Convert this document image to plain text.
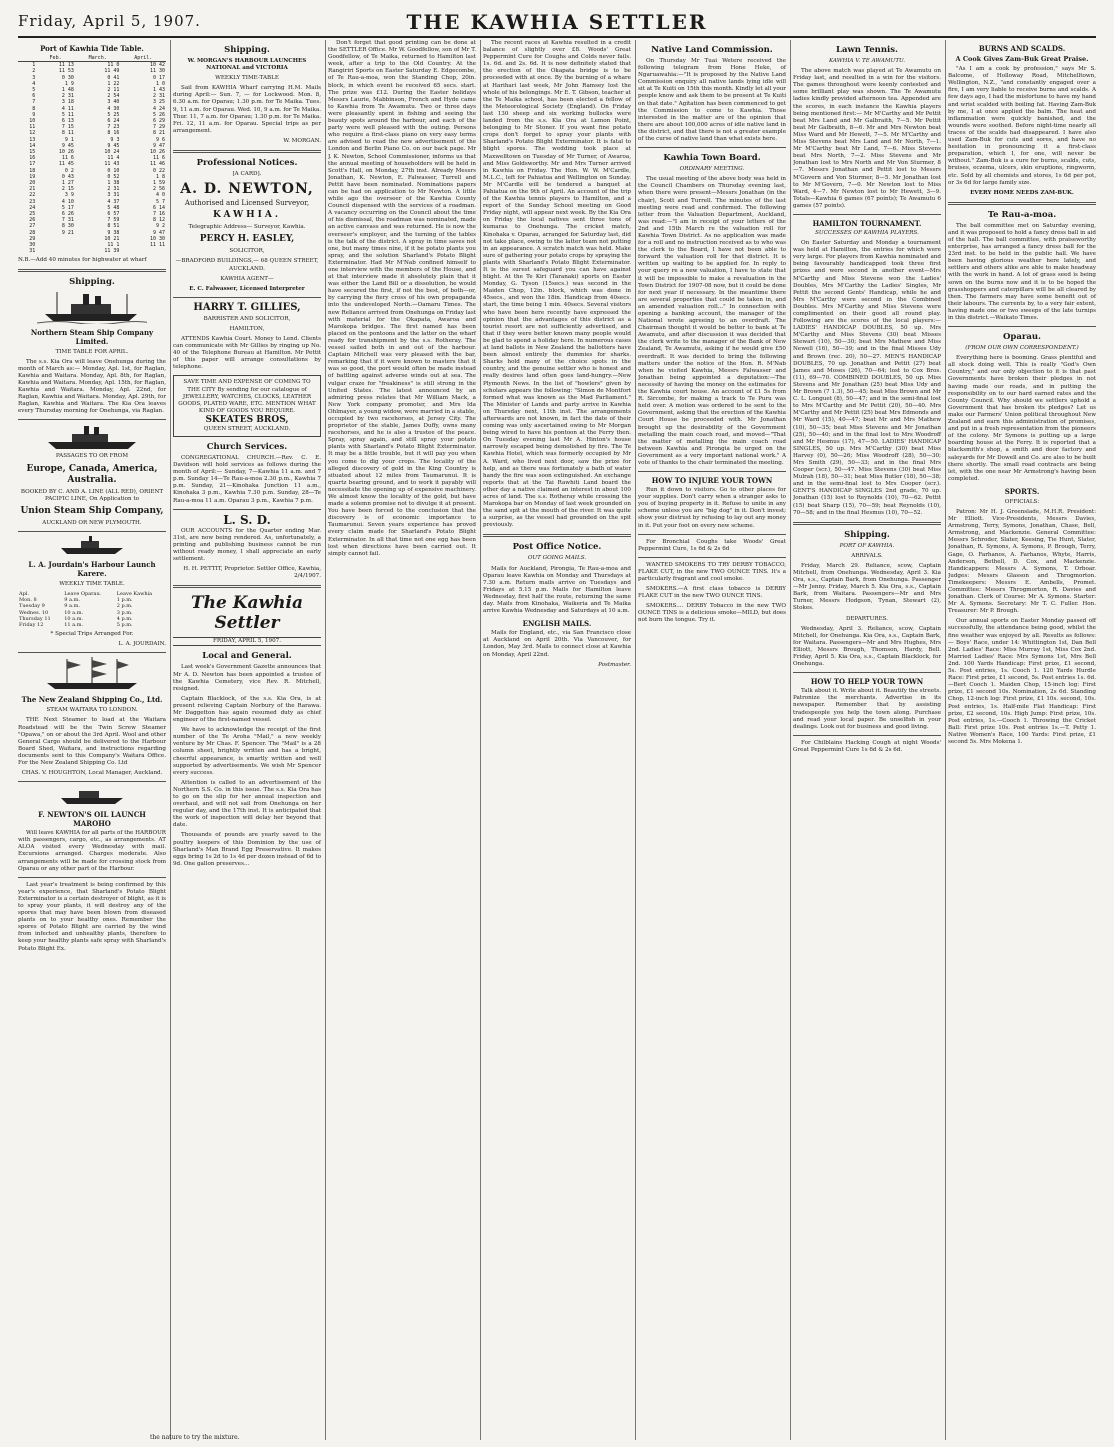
Friday, April 5, 1907.	THE KAWHIA SETTLER
Port of Kawhia Tide Table.
	Feb.	March.	April.
1	11 13	11 0	10 42
2	11 53	11 49	11 30
3	0 30	0 41	0 17
4	1 9	1 22	1 0
5	1 48	2 11	1 43
6	2 31	2 54	2 31
7	3 18	3 40	3 25
8	4 11	4 30	4 24
9	5 11	5 25	5 26
10	6 13	6 24	6 29
11	7 15	7 23	7 29
12	8 11	8 16	8 21
13	9 1	9 3	9 6
14	9 45	9 45	9 47
15	10 26	10 24	10 26
16	11 6	11 4	11 6
17	11 45	11 43	11 46
18	0 2	0 10	0 22
19	0 43	0 52	1 8
20	1 27	1 38	1 59
21	2 15	2 31	2 56
22	3 9	3 31	4 0
23	4 10	4 37	5 7
24	5 17	5 48	6 14
25	6 26	6 57	7 16
26	7 31	7 59	8 12
27	8 30	8 51	9 2
28	9 21	9 38	9 47
29		10 21	10 30
30		11 1	11 11
31		11 39	
N.B.—Add 40 minutes for highwater at wharf
Shipping.
Northern Steam Ship Company Limited.
TIME TABLE FOR APRIL.

The s.s. Kia Ora will leave Onehunga during the month of March as:— Monday, Apl. 1st, for Raglan, Kawhia and Waitara. Monday, Apl. 8th, for Raglan, Kawhia and Waitara. Monday, Apl. 15th, for Raglan, Kawhia and Waitara. Monday, Apl. 22nd, for Raglan, Kawhia and Waitara. Monday, Apl. 29th, for Raglan, Kawhia and Waitara. The Kia Ora leaves every Thursday morning for Onehunga, via Raglan.

PASSAGES TO OR FROM
Europe, Canada, America, Australia.
BOOKED BY C. AND A. LINE (ALL RED), ORIENT PACIFIC LINE, On Application to
Union Steam Ship Company,
AUCKLAND OR NEW PLYMOUTH.
L. A. Jourdain's Harbour Launch Karere.
WEEKLY TIME TABLE.
Apl.	Leave Oparau.	Leave Kawhia
Mon. 8	9 a.m.	1 p.m.
Tuesday 9	9 a.m.	2 p.m.
Wednes. 10	10 a.m.	3 p.m.
Thursday 11	10 a.m.	4 p.m.
Friday 12	11 a.m.	5 p.m.
* Special Trips Arranged For.
L. A. JOURDAIN.
The New Zealand Shipping Co., Ltd.
STEAM WAITARA TO LONDON.

THE Next Steamer to load at the Waitara Roadstead will be the Twin Screw Steamer "Opawa," on or about the 3rd April. Wool and other General Cargo should be delivered to the Harbour Board Shed, Waitara, and instructions regarding documents sent to this Company's Waitara Office. For the New Zealand Shipping Co. Ltd

CHAS. V. HOUGHTON, Local Manager, Auckland.
F. NEWTON'S OIL LAUNCH MAROHO

Will leave KAWHIA for all parts of the HARBOUR with passengers, cargo, etc., as arrangements. AT ALOA visited every Wednesday with mail. Excursions arranged. Charges moderate. Also arrangements will be made for crossing stock from Oparau or any other part of the Harbour.

Last year's treatment is being confirmed by this year's experience, that Sharland's Potato Blight Exterminator is a certain destroyer of blight, as it is to spray your plants, it will destroy any of the spores that may have been blown from diseased plants on to your healthy ones. Remember the spores of Potato Blight are carried by the wind from infected and unhealthy plants, therefore to keep your healthy plants safe spray with Sharland's Potato Blight Ex.

Shipping.
W. MORGAN'S HARBOUR LAUNCHES NATIONAL and VICTORIA
WEEKLY TIME-TABLE

Sail from KAWHIA Wharf carrying H.M. Mails during April:— Sun. 7, — for Lockwood. Mon. 8, 6.30 a.m. for Oparau; 1.30 p.m. for Te Maika. Tues. 9, 11 a.m. for Oparau. Wed. 10, 9 a.m. for Te Maika. Thur. 11, 7 a.m. for Oparau; 1.30 p.m. for Te Maika. Fri. 12, 11 a.m. for Oparau. Special trips as per arrangement.

W. MORGAN.
Professional Notices.
[A CARD].
A. D. NEWTON,
Authorised and Licensed Surveyor,
KAWHIA.
Telegraphic Address— Surveyor, Kawhia.
PERCY H. EASLEY,
SOLICITOR,
—BRADFORD BUILDINGS,— 68 QUEEN STREET, AUCKLAND.
KAWHIA AGENT—
E. C. Falwasser, Licensed Interpreter
HARRY T. GILLIES,
BARRISTER AND SOLICITOR,
HAMILTON,

ATTENDS Kawhia Court. Money to Lend. Clients can communicate with Mr Gillies by ringing up No. 40 of the Telephone Bureau at Hamilton. Mr Pettit of this paper will arrange consultations by telephone.

SAVE TIME AND EXPENSE OF COMING TO THE CITY By sending for our catalogue of JEWELLERY, WATCHES, CLOCKS, LEATHER GOODS, PLATED WARE, ETC. MENTION WHAT KIND OF GOODS YOU REQUIRE.
SKEATES BROS,
QUEEN STREET, AUCKLAND.
Church Services.

CONGREGATIONAL CHURCH.—Rev. C. E. Davidson will hold services as follows during the month of April:— Sunday, 7—Kawhia 11 a.m. and 7 p.m. Sunday 14—Te Rau-a-moa 2.30 p.m., Kawhia 7 p.m. Sunday, 21—Kinohaka Junction 11 a.m., Kinohaka 3 p.m., Kawhia 7.30 p.m. Sunday, 28—Te Rau-a-moa 11 a.m. Oparau 3 p.m., Kawhia 7 p.m.

L. S. D.

OUR ACCOUNTS for the Quarter ending Mar. 31st, are now being rendered. As, unfortunately, a printing and publishing business cannot be run without ready money, I shall appreciate an early settlement.

H. H. PETTIT, Proprietor. Settler Office, Kawhia, 2/4/1907.
The Kawhia Settler
FRIDAY, APRIL 5, 1907.
Local and General.

Last week's Government Gazette announces that Mr A. D. Newton has been appointed a trustee of the Kawhia Cemetery, vice Rev. R. Mitchell, resigned.

Captain Blacklock, of the s.s. Kia Ora, is at present relieving Captain Norbury of the Rarawa. Mr Daggetton has again resumed duty as chief engineer of the first-named vessel.

We have to acknowledge the receipt of the first number of the Te Aroha "Mail," a new weekly venture by Mr Chas. F. Spencer. The "Mail" is a 28 column sheet, brightly written and has a bright, cheerful appearance, is smartly written and well supported by advertisements. We wish Mr Spencer every success.

Attention is called to an advertisement of the Northern S.S. Co. in this issue. The s.s. Kia Ora has to go on the slip for her annual inspection and overhaul, and will not sail from Onehunga on her regular day, and the 17th inst. It is anticipated that the work of inspection will delay her beyond that date.

Thousands of pounds are yearly saved to the poultry keepers of this Dominion by the use of Sharland's Man Brand Egg Preservative. It makes eggs bring 1s 2d to 1s 4d per dozen instead of 6d to 9d. One gallon preserves...

Don't forget that good printing can be done at the SETTLER Office. Mr W. Goodfellow, son of Mr T. Goodfellow, of Te Maika, returned to Hamilton last week, after a trip to the Old Country. At the Rangiriri Sports on Easter Saturday E. Edgecombe, of Te Rau-a-moa, won the Standing Chop, 20in. block, in which event he received 65 secs. start. The prize was £12. During the Easter holidays Messrs Laurie, Mabbinson, French and Hyde came to Kawhia from Te Awamutu. Two or three days were pleasantly spent in fishing and seeing the beauty spots around the harbour, and each of the party were well pleased with the outing. Persons who require a first-class piano on very easy terms are advised to read the new advertisement of the London and Berlin Piano Co. on our back page. Mr J. K. Newton, School Commissioner, informs us that the annual meeting of householders will be held in Scott's Hall, on Monday, 27th inst. Already Messrs Jonathan, K. Newton, E. Falwasser, Turrell and Pettit have been nominated. Nominations papers can be had on application to Mr Newton. A little while ago the overseer of the Kawhia County Council dispensed with the services of a roadman. A vacancy occurring on the Council about the time of his dismissal, the roadman was nominated, made an active canvass and was returned. He is now the overseer's employer, and the turning of the tables is the talk of the district. A spray in time saves not one, but many times nine, if it be potato plants you spray, and the solution Sharland's Potato Blight Exterminator. Had Mr M'Nab confined himself to one interview with the members of the House, and at that interview made it absolutely plain that it was either the Land Bill or a dissolution, he would have secured the first, if not the best, of both—or, by carrying the fiery cross of his own propaganda into the undeveloped North.—Oamaru Times. The new Reliance arrived from Onehunga on Friday last with material for the Okapata, Awaroa and Marokopa bridges. The first named has been placed on the pontoons and the latter on the wharf ready for transhipment by the s.s. Rotheray. The vessel sailed both in and out of the harbour. Captain Mitchell was very pleased with the bar, remarking that if it were known to masters that it was so good, the port would often be made instead of battling against adverse winds out at sea. The vulgar craze for "freakiness" is still strong in the United States. The latest announced by an admiring press relates that Mr William Mack, a New York company promoter, and Mrs Ida Ohlmayer, a young widow, were married in a stable, occupied by two racehorses, at Jersey City. The proprietor of the stable, James Duffy, owns many racehorses, and he is also a trustee of the peace. Spray, spray again, and still spray your potato plants with Sharland's Potato Blight Exterminator. It may be a little trouble, but it will pay you when you come to dig your crops. The locality of the alleged discovery of gold in the King Country is situated about 12 miles from Taumarunui. It is quartz bearing ground, and to work it payably will necessitate the opening up of expensive machinery. We almost know the locality of the gold, but have made a solemn promise not to divulge it at present. You have been forced to the conclusion that the discovery is of economic importance to Taumarunui. Seven years experience has proved every claim made for Sharland's Potato Blight Exterminator. In all that time not one egg has been lost when directions have been carried out. It simply cannot fail.

The recent races at Kawhia resulted in a credit balance of slightly over £8. Woods' Great Peppermint Cure for Coughs and Colds never fails. 1s. 6d. and 2s. 6d. It is now definitely stated that the erection of the Okapata bridge is to be proceeded with at once. By the burning of a whare at Harihari last week, Mr John Ramsey lost the whole of his belongings. Mr E. T. Gibson, teacher at the Te Maika school, has been elected a fellow of the Meteorological Society (England). On Friday last 130 sheep and six working bullocks were landed from the s.s. Kia Ora at Lemon Point, belonging to Mr Stoner. If you want fine potato crops don't forget to spray your plants with Sharland's Potato Blight Exterminator. It is fatal to blight spores. The wedding took place at Maxwelltown on Tuesday of Mr Turner, of Awaroa, and Miss Goldsworthy. Mr and Mrs Turner arrived in Kawhia on Friday. The Hon. W. W. M'Cardle, M.L.C., left for Pahiatua and Wellington on Sunday. Mr M'Cardle will be tendered a banquet at Pahiatua on the 9th of April. An account of the trip of the Kawhia tennis players to Hamilton, and a report of the Sunday School meeting on Good Friday night, will appear next week. By the Kia Ora on Friday the local natives sent three tons of kumaras to Onehunga. The cricket match, Kinohaka v. Oparau, arranged for Saturday last, did not take place, owing to the latter team not putting in an appearance. A scratch match was held. Make sure of gathering your potato crops by spraying the plants with Sharland's Potato Blight Exterminator. It is the surest safeguard you can have against blight. At the Te Kiri (Taranaki) sports on Easter Monday, G. Tyson (15secs.) was second in the Maiden Chop, 12in. block, which was done in 45secs., and won the 18in. Handicap from 40secs. start, the time being 1 min. 40secs. Several visitors who have been here recently have expressed the opinion that the advantages of this district as a tourist resort are not sufficiently advertised, and that if they were better known many people would be glad to spend a holiday here. In numerous cases at land ballots in New Zealand the ballotters have been almost entirely the dummies for sharks. Sharks hold many of the choice spots in the country, and the genuine settler who is honest and really desires land often goes land-hungry.—New Plymouth News. In the list of "howlers" given by scholars appears the following: "Simon de Montfort formed what was known as the Mad Parliament." The Minister of Lands and party arrive in Kawhia on Thursday next, 11th inst. The arrangements afterwards are not known, in fact the date of their coming was only ascertained owing to Mr Morgan being wired to have his pontoon at the Ferry then. On Tuesday evening last Mr A. Hinton's house narrowly escaped being demolished by fire. The Te Kawhia Hotel, which was formerly occupied by Mr A. Ward, who lived next door, saw the prize for help, and as there was fortunately a bath of water handy the fire was soon extinguished. An exchange reports that at the Tai Rawhiti Land board the other day a native claimed an interest in about 100 acres of land. The s.s. Rotheray while crossing the Marokopa bar on Monday of last week grounded on the sand spit at the mouth of the river. It was quite a surprise, as the vessel had grounded on the spit previously.

Post Office Notice.
OUT GOING MAILS.

Mails for Auckland, Pirongia, Te Rau-a-moa and Oparau leave Kawhia on Monday and Thursdays at 7.30 a.m. Return mails arrive on Tuesdays and Fridays at 5.15 p.m. Mails for Hamilton leave Wednesday, first half the route, returning the same day. Mails from Kinohaka, Waikeria and Te Maika arrive Kawhia Wednesday and Saturdays at 10 a.m.

ENGLISH MAILS.

Mails for England, etc., via San Francisco close at Auckland on April 20th. Via Vancouver, for London, May 3rd. Mails to connect close at Kawhia on Monday, April 22nd.

Postmaster.
Native Land Commission.

On Thursday Mr Tuai Wetere received the following telegram from Hone Heke, of Ngaruawahia:—"It is proposed by the Native Land Commission enquiry all native lands lying idle will sit at Te Kuiti on 15th this month. Kindly let all your people know and ask them to be present at Te Kuiti on that date." Agitation has been commenced to get the Commission to come to Kawhia. Those interested in the matter are of the opinion that there are about 100,000 acres of idle native land in the district, and that there is not a greater example of the curse of native land than what exists here.

Kawhia Town Board.
ORDINARY MEETING.

The usual meeting of the above body was held in the Council Chambers on Thursday evening last, when there were present—Messrs Jonathan (in the chair), Scott and Turrell. The minutes of the last meeting were read and confirmed. The following letter from the Valuation Department, Auckland, was read:—"I am in receipt of your letters of the 2nd and 15th March re the valuation roll for Kawhia Town District. As no application was made for a roll and no instruction received as to who was the clerk to the Board, I have not been able to forward the valuation roll for that district. It is written up waiting to be applied for. In reply to your query re a new valuation, I have to state that it will be impossible to make a revaluation in the Town District for 1907-08 now, but it could be done for next year if necessary. In the meantime there are several properties that could be taken in, and an amended valuation roll..." In connection with opening a banking account, the manager of the National wrote agreeing to an overdraft. The Chairman thought it would be better to bank at Te Awamutu, and after discussion it was decided that the clerk write to the manager of the Bank of New Zealand, Te Awamutu, asking if he would give £50 overdraft. It was decided to bring the following matters under the notice of the Hon. R. M'Nab when he visited Kawhia, Messrs Falwasser and Jonathan being appointed a deputation:—The necessity of having the money on the estimates for the Kawhia court house. An account of £1 5s from R. Sircombe, for making a track to Te Puru was held over. A motion was ordered to be sent to the Government, asking that the erection of the Kawhia Court House be proceeded with. Mr Jonathan brought up the desirability of the Government metalling the main coach road, and moved—"That the matter of metalling the main coach road between Kawhia and Pirongia be urged on the Government as a very important national work." A vote of thanks to the chair terminated the meeting.

HOW TO INJURE YOUR TOWN

Run it down to visitors. Go to other places for your supplies. Don't carry when a stranger asks to you of buying property in it. Refuse to unite in any scheme unless you are "big dog" in it. Don't invest; show your distrust by refusing to lay out any money in it. Put your foot on every new scheme.

For Bronchial Coughs take Woods' Great Peppermint Cure, 1s 6d & 2s 6d

WANTED SMOKERS TO TRY DERBY TOBACCO, FLAKE CUT, in the new TWO OUNCE TINS. It's a particularly fragrant and cool smoke.

SMOKERS.—A first class tobacco is DERBY FLAKE CUT in the new TWO OUNCE TINS.

SMOKERS.... DERBY Tobacco in the new TWO OUNCE TINS is a delicious smoke—MILD, but does not burn the tongue. Try it.

Lawn Tennis.
KAWHIA V. TE AWAMUTU.

The above match was played at Te Awamutu on Friday last, and resulted in a win for the visitors. The games throughout were keenly contested and some brilliant play was shown. The Te Awamutu ladies kindly provided afternoon tea. Appended are the scores, in each instance the Kawhia players being mentioned first:— Mr M'Carthy and Mr Pettit beat Mrs Land and Mr Galbraith, 7—5. Mr Pettit beat Mr Galbraith, 8—6. Mr and Mrs Newton beat Miss Ward and Mr Hewett, 7—5. Mr M'Carthy and Miss Stevens beat Mrs Land and Mr North, 7—1. Mr M'Carthy beat Mr Land, 7—6. Miss Stevens beat Mrs North, 7—2. Miss Stevens and Mr Jonathan lost to Mrs North and Mr Von Sturmer, 8—7. Messrs Jonathan and Pettit lost to Messrs M'Govern and Von Sturmer, 8—5. Mr Jonathan lost to Mr M'Govern, 7—0. Mr Newton lost to Miss Ward, 4—7. Mr Newton lost to Mr Hewett, 3—9. Totals—Kawhia 6 games (67 points); Te Awamutu 6 games (57 points).

HAMILTON TOURNAMENT.
SUCCESSES OF KAWHIA PLAYERS.

On Easter Saturday and Monday a tournament was held at Hamilton, the entries for which were very large. For players from Kawhia nominated and being favourably handicapped took three first prizes and were second in another event—Mrs M'Carthy and Miss Stevens won the Ladies' Doubles, Mrs M'Carthy the Ladies' Singles, Mr Pettit the second Gents' Handicap, while he and Mrs M'Carthy were second in the Combined Doubles. Mrs M'Carthy and Miss Stevens were complimented on their good all round play. Following are the scores of the local players:— LADIES' HANDICAP DOUBLES, 50 up. Mrs M'Carthy and Miss Stevens (30) beat Misses Stewart (10), 50—30; beat Mrs Mathew and Miss Newell (16), 50—39; and in the final Misses Udy and Brown (rec. 20), 50—27. MEN'S HANDICAP DOUBLES, 70 up. Jonathan and Pettit (27) beat James and Moses (26), 70—64; lost to Cox Bros. (11), 69—70. COMBINED DOUBLES, 50 up. Miss Stevens and Mr Jonathan (25) beat Miss Udy and Mr Brown (7 1.3), 50—45; beat Miss Brown and Mr C. L. Longuet (8), 50—47; and in the semi-final lost to Mrs M'Carthy and Mr Pettit (20), 50—40. Mrs M'Carthy and Mr Pettit (25) beat Mrs Edmonds and Mr Ward (15), 40—47; beat Mr and Mrs Mathew (10), 50—35; beat Miss Stevens and Mr Jonathan (25), 50—40; and in the final lost to Mrs Woodroff and Mr Hesmus (17), 47—50. LADIES' HANDICAP SINGLES, 50 up. Mrs M'Carthy (30) beat Miss Harvey (0), 50—26; Miss Woodroff (28), 50—30; Mrs Smith (29), 50—33; and in the final Mrs Cooper (scr.), 50—47. Miss Stevens (30) beat Miss Mulrah (18), 50—31; beat Miss Butler (18), 50—38; and in the semi-final lost to Mrs Cooper (scr.). GENT'S HANDICAP SINGLES 2nd grade, 70 up. Jonathan (15) lost to Reynolds (10), 70—62. Pettit (15) beat Sharp (15), 70—59; beat Reynolds (10), 70—58; and in the final Hesmus (10), 70—52.

Shipping.
PORT OF KAWHIA.
ARRIVALS.

Friday, March 29. Reliance, scow, Captain Mitchell, from Onehunga. Wednesday, April 3. Kia Ora, s.s., Captain Bark, from Onehunga. Passenger—Mr Jenny. Friday, March 5. Kia Ora, s.s., Captain Bark, from Waitara. Passengers—Mr and Mrs Turner, Messrs Hodgson, Tynan, Stewart (2), Stokes.

DEPARTURES.

Wednesday, April 3. Reliance, scow, Captain Mitchell, for Onehunga. Kia Ora, s.s., Captain Bark, for Waitara. Passengers—Mr and Mrs Hughes, Mrs Elliott, Messrs Brough, Thomson, Hardy, Bell. Friday, April 5. Kia Ora, s.s., Captain Blacklock, for Onehunga.

HOW TO HELP YOUR TOWN

Talk about it. Write about it. Beautify the streets. Patronize the merchants. Advertise in its newspaper. Remember that by assisting tradespeople you help the town along. Purchase and read your local paper. Be unselfish in your dealings. Look out for business and good living.

For Chilblains Hacking Cough at night Woods' Great Peppermint Cure 1s 6d & 2s 6d.

BURNS AND SCALDS.
A Cook Gives Zam-Buk Great Praise.

"As I am a cook by profession," says Mr S. Balcome, of Holloway Road, Mitchelltown, Wellington, N.Z., "and constantly engaged over a fire, I am very liable to receive burns and scalds. A few days ago, I had the misfortune to have my hand and wrist scalded with boiling fat. Having Zam-Buk by me, I at once applied the balm. The heat and inflammation were quickly banished, and the wounds were soothed. Before night-time nearly all traces of the scalds had disappeared. I have also used Zam-Buk for cuts and sores, and have no hesitation in pronouncing it a first-class preparation, which I, for one, will never be without." Zam-Buk is a cure for burns, scalds, cuts, bruises, eczema, ulcers, skin eruptions, ringworm, etc. Sold by all chemists and stores, 1s 6d per pot, or 3s 6d for large family size.

EVERY HOME NEEDS ZAM-BUK.
Te Rau-a-moa.

The ball committee met on Saturday evening, and it was proposed to hold a fancy dress ball in aid of the hall. The ball committee, with praiseworthy enterprise, has arranged a fancy dress ball for the 23rd inst. to be held in the public hall. We have been having glorious weather here lately, and settlers and others alike are able to make headway with the work in hand. A lot of grass seed is being sown on the burns now and it is to be hoped the grasshoppers and caterpillars will be all cleared by then. The farmers may have some benefit out of their labours. The currents by, to a very fair extent, having made one or two sweeps of the late turnips in this district.—Waikato Times.

Oparau.
(FROM OUR OWN CORRESPONDENT.)

Everything here is booming. Grass plentiful and all stock doing well. This is really "God's Own Country," and our only objection to it is that past Governments have broken their pledges in not having made our roads, and in putting the responsibility on to our hard earned rates and the County Council. Why should we settlers uphold a Government that has broken its pledges? Let us make our Farmers' Union political throughout New Zealand and earn this administration of promises, and put in a fresh representation from the pioneers of the colony. Mr Symons is putting up a large boarding house at the Ferry. It is reported that a blacksmith's shop, a smith and door factory and saleyards for Mr Dowell and Co. are also to be built there shortly. The small road contracts are being let, with the one near Mr Armstrong's having been completed.

SPORTS.
OFFICIALS:

Patron: Mr H. J. Greenslade, M.H.R. President: Mr Elliott. Vice-Presidents, Messrs Davies, Armstrong, Terry, Symons, Jonathan, Chase, Bell, Armstrong, and Mackenzie. General Committee: Messrs Schroder, Slater, Keesing, Tie Hunt, Slater, Jonathan, R. Symons, A. Symons, P. Brough, Terry, Gage, O. Farhanos, A. Farhanos, Whyte, Harris, Anderson, Bethell, D. Cox, and Mackenzie. Handicappers: Messrs A. Symons, T. Orboar. Judges: Messrs Glasson and Throgmorton. Timekeepers: Messrs E. Ambells, Promet. Committee: Messrs Throgmorton, R. Davies and Jonathan. Clerk of Course: Mr A. Symons. Starter: Mr A. Symons. Secretary: Mr T. C. Fuller. Hon. Treasurer: Mr P. Brough.

Our annual sports on Easter Monday passed off successfully, the attendance being good, whilst the fine weather was enjoyed by all. Results as follows:— Boys' Race, under 14: Whittington 1st, Dan Bell 2nd. Ladies' Race: Miss Murray 1st, Miss Cox 2nd. Married Ladies' Race: Mrs Symons 1st, Mrs Bell 2nd. 100 Yards Handicap: First prize, £1 second, 5s. Post entries, 1s. Cooch 1. 120 Yards Hurdle Race: First prize, £1 second, 5s. Post entries 1s. 6d.—Bert Cooch 1. Maiden Chop, 15-inch log: First prize, £1 second 10s. Nomination, 2s 6d. Standing Chop, 12-inch log: First prize, £1 10s. second, 10s. Post entries, 1s. Half-mile Flat Handicap: First prize, £2 second, 10s. High Jump: First prize, 10s. Post entries, 1s.—Cooch 1. Throwing the Cricket Ball: First prize 10s. Post entries 1s.—T. Petty 1. Native Women's Race, 100 Yards: First prize, £1 second 5s. Mrs Mokena 1.

the nature to try the mixture.
